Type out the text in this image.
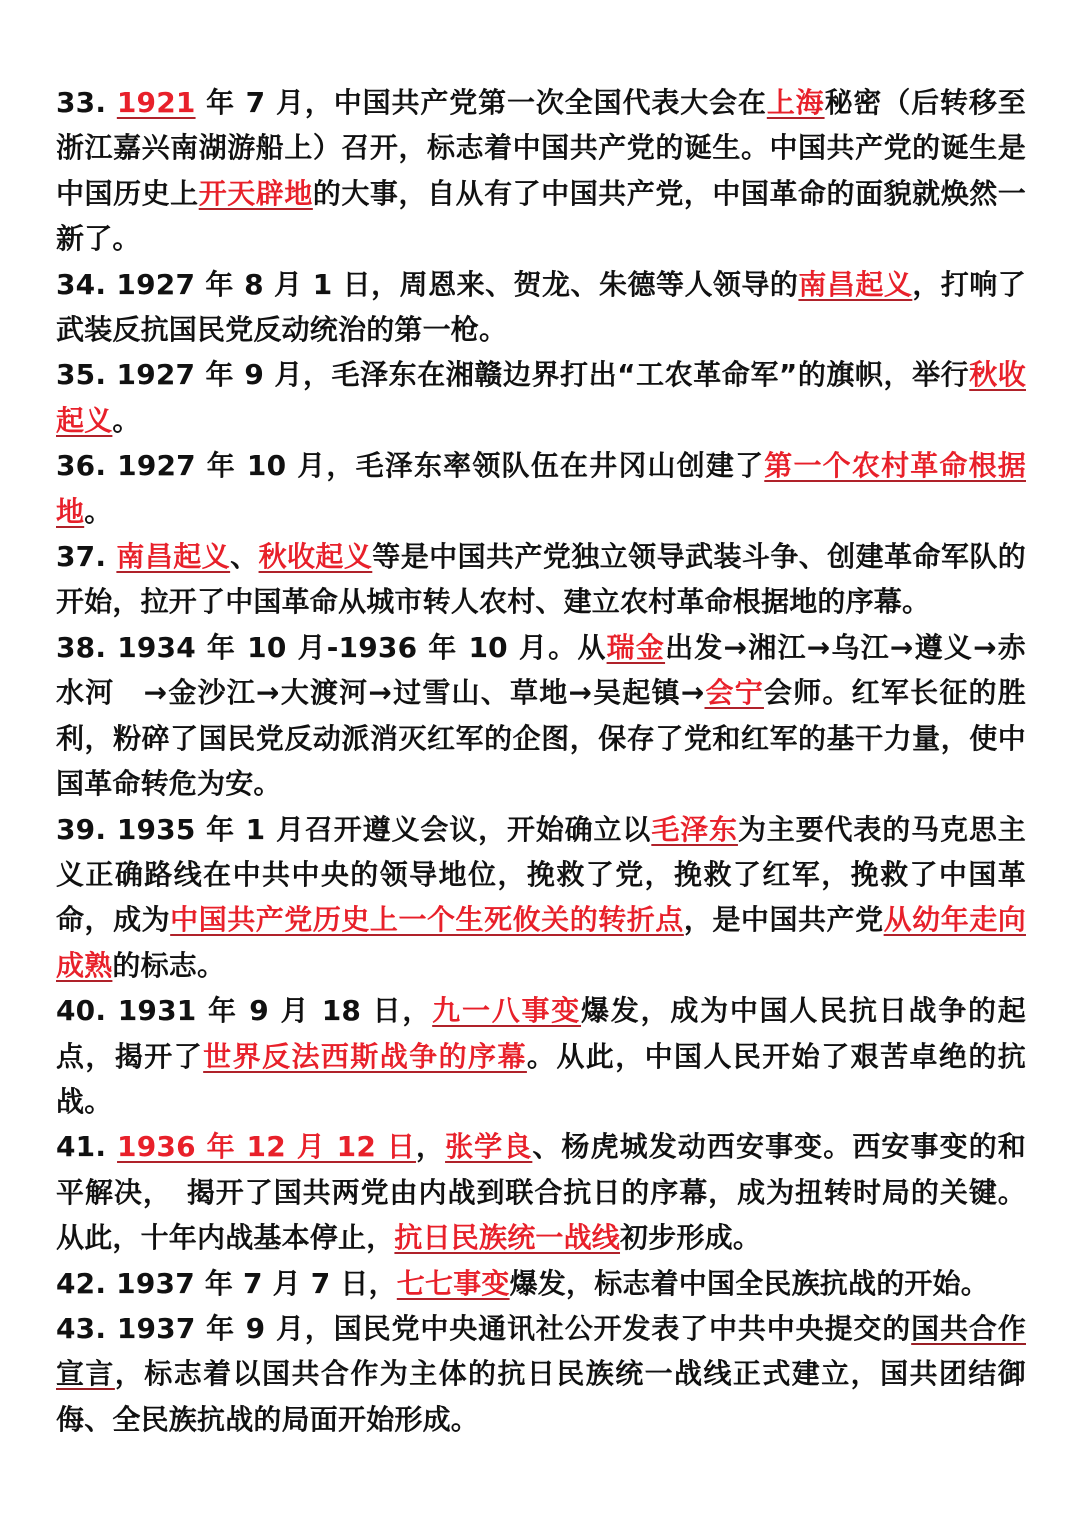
33. 1921 年 7 月，中国共产党第一次全国代表大会在上海秘密（后转移至浙江嘉兴南湖游船上）召开，标志着中国共产党的诞生。中国共产党的诞生是中国历史上开天辟地的大事，自从有了中国共产党，中国革命的面貌就焕然一新了。

34. 1927 年 8 月 1 日，周恩来、贺龙、朱德等人领导的南昌起义，打响了武装反抗国民党反动统治的第一枪。

35. 1927 年 9 月，毛泽东在湘赣边界打出“工农革命军”的旗帜，举行秋收起义。

36. 1927 年 10 月，毛泽东率领队伍在井冈山创建了第一个农村革命根据地。

37. 南昌起义、秋收起义等是中国共产党独立领导武装斗争、创建革命军队的开始，拉开了中国革命从城市转人农村、建立农村革命根据地的序幕。

38. 1934 年 10 月-1936 年 10 月。从瑞金出发→湘江→乌江→遵义→赤水河　→金沙江→大渡河→过雪山、草地→吴起镇→会宁会师。红军长征的胜利，粉碎了国民党反动派消灭红军的企图，保存了党和红军的基干力量，使中国革命转危为安。

39. 1935 年 1 月召开遵义会议，开始确立以毛泽东为主要代表的马克思主义正确路线在中共中央的领导地位，挽救了党，挽救了红军，挽救了中国革命，成为中国共产党历史上一个生死攸关的转折点，是中国共产党从幼年走向成熟的标志。

40. 1931 年 9 月 18 日，九一八事变爆发，成为中国人民抗日战争的起点，揭开了世界反法西斯战争的序幕。从此，中国人民开始了艰苦卓绝的抗战。

41. 1936 年 12 月 12 日，张学良、杨虎城发动西安事变。西安事变的和平解决，　揭开了国共两党由内战到联合抗日的序幕，成为扭转时局的关键。从此，十年内战基本停止，抗日民族统一战线初步形成。

42. 1937 年 7 月 7 日，七七事变爆发，标志着中国全民族抗战的开始。

43. 1937 年 9 月，国民党中央通讯社公开发表了中共中央提交的国共合作宣言，标志着以国共合作为主体的抗日民族统一战线正式建立，国共团结御侮、全民族抗战的局面开始形成。
